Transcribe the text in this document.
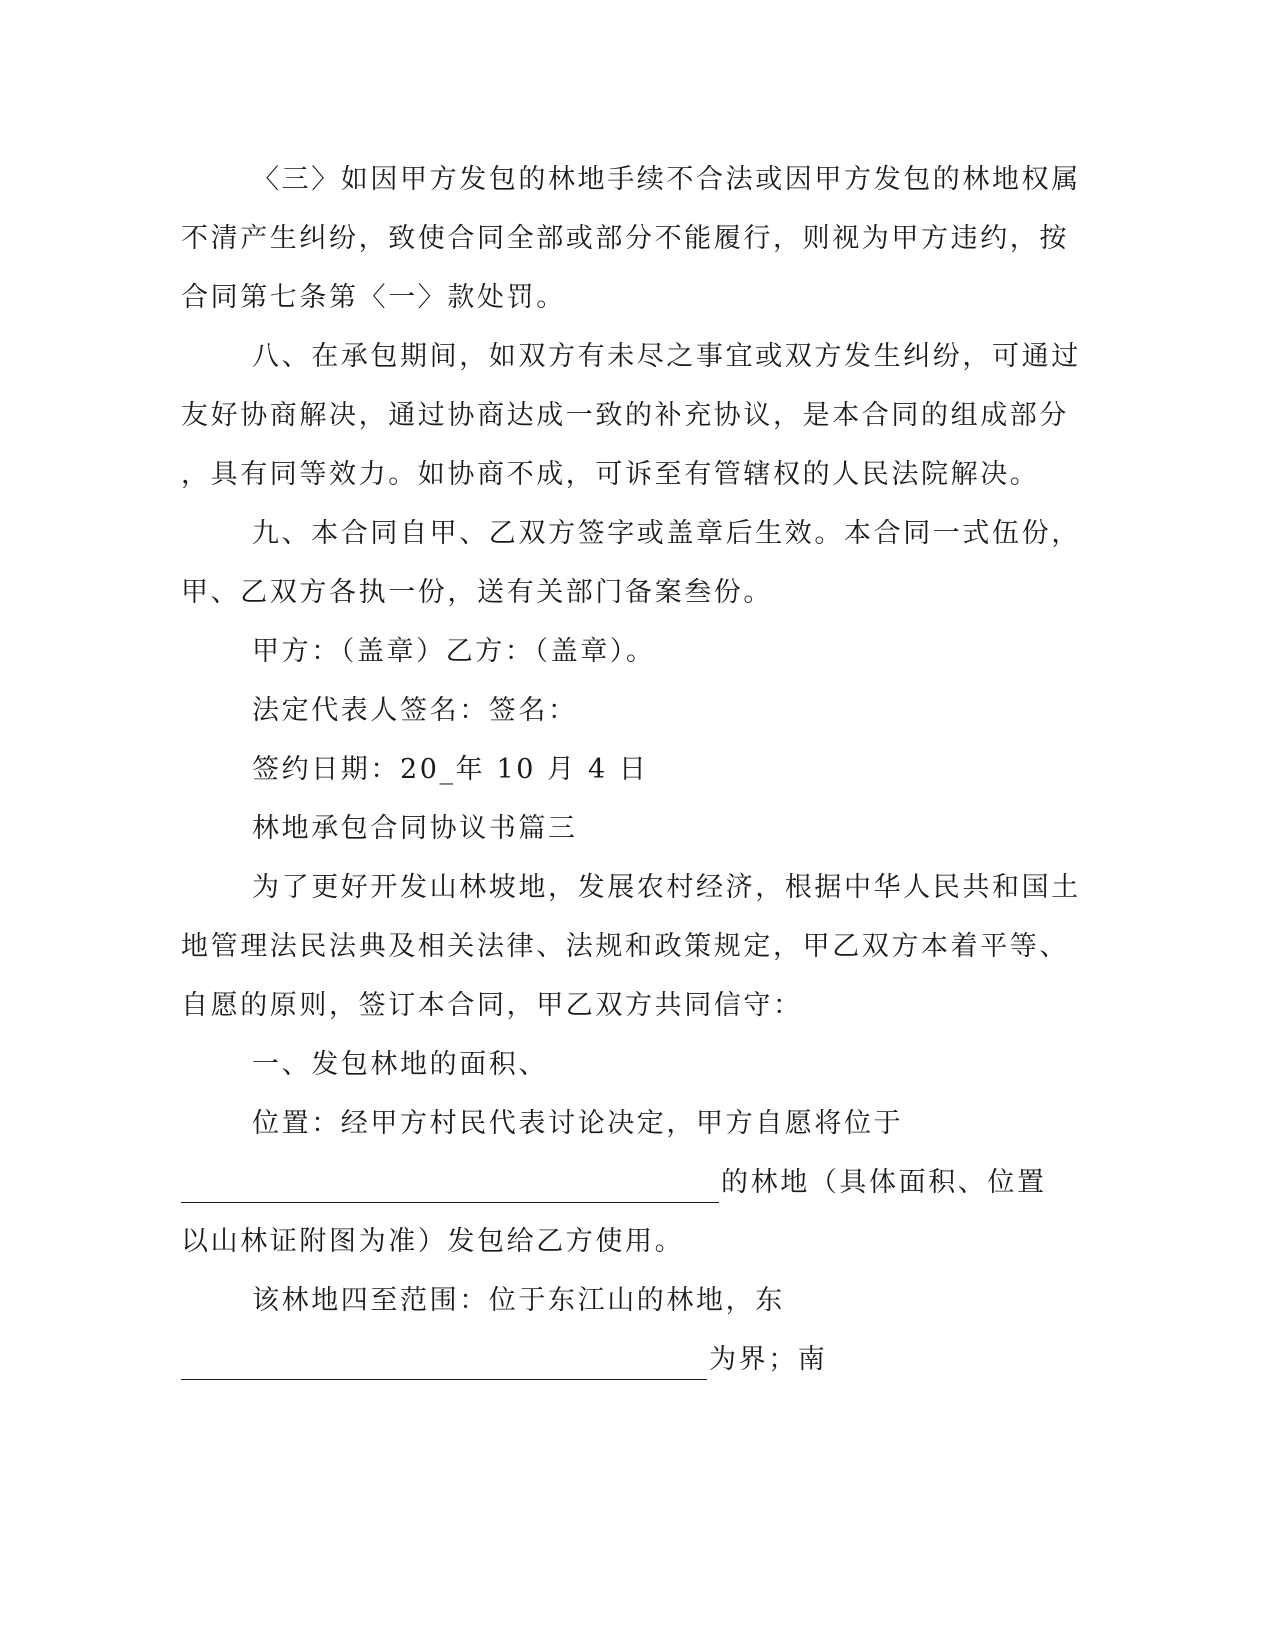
〈三〉如因甲方发包的林地手续不合法或因甲方发包的林地权属
不清产生纠纷，致使合同全部或部分不能履行，则视为甲方违约，按
合同第七条第〈一〉款处罚。
八、在承包期间，如双方有未尽之事宜或双方发生纠纷，可通过
友好协商解决，通过协商达成一致的补充协议，是本合同的组成部分
，具有同等效力。如协商不成，可诉至有管辖权的人民法院解决。
九、本合同自甲、乙双方签字或盖章后生效。本合同一式伍份，
甲、乙双方各执一份，送有关部门备案叁份。
甲方：（盖章）乙方：（盖章）。
法定代表人签名：签名：
签约日期：20_年 10 月 4 日
林地承包合同协议书篇三
为了更好开发山林坡地，发展农村经济，根据中华人民共和国土
地管理法民法典及相关法律、法规和政策规定，甲乙双方本着平等、
自愿的原则，签订本合同，甲乙双方共同信守：
一、发包林地的面积、
位置：经甲方村民代表讨论决定，甲方自愿将位于
的林地（具体面积、位置
以山林证附图为准）发包给乙方使用。
该林地四至范围：位于东江山的林地，东
为界；南
